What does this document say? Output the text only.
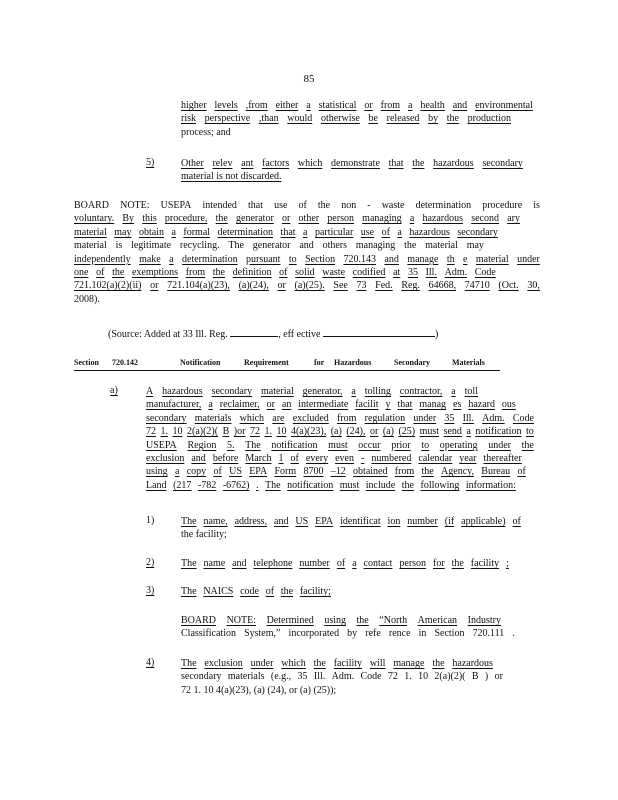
85
higher levels ,from either a statistical or from a health and environmental
risk perspective ,than would otherwise be released by the production
process; and
5)	Other relev ant factors which demonstrate that the hazardous secondary
material is not discarded.
BOARD NOTE: USEPA intended that use of the non - waste determination procedure is
voluntary. By this procedure, the generator or other person managing a hazardous second ary
material may obtain a formal determination that a particular use of a hazardous secondary
material is legitimate recycling. The generator and others managing the material may
independently make a determination pursuant to Section 720.143 and manage th e material under
one of the exemptions from the definition of solid waste codified at 35 Ill. Adm. Code
721.102(a)(2)(ii) or 721.104(a)(23), (a)(24), or (a)(25). See 73 Fed. Reg. 64668, 74710 (Oct. 30,
2008).
(Source: Added at 33 Ill. Reg.	, eff ective	)
Section 720.142	Notification	Requirement	for Hazardous	Secondary	Materials
a)	A hazardous secondary material generator, a tolling contractor, a toll
manufacturer, a reclaimer, or an intermediate facilit y that manag es hazard ous
secondary materials which are excluded from regulation under 35 Ill. Adm. Code
72 1. 10 2(a)(2)( B )or 72 1. 10 4(a)(23), (a) (24), or (a) (25) must send a notification to
USEPA Region 5. The notification must occur prior to operating under the
exclusion and before March 1 of every even - numbered calendar year thereafter
using a copy of US EPA Form 8700 –12 obtained from the Agency, Bureau of
Land (217 -782 -6762) . The notification must include the following information:
1)	The name, address, and US EPA identificat ion number (if applicable) of
the facility;
2)	The name and telephone number of a contact person for the facility ;
3)	The NAICS code of the facility;
BOARD NOTE: Determined using the “North American Industry
Classification System,” incorporated by refe rence in Section 720.111 .
4)	The exclusion under which the facility will manage the hazardous
secondary materials (e.g., 35 Ill. Adm. Code 72 1. 10 2(a)(2)( B ) or
72 1. 10 4(a)(23), (a) (24), or (a) (25));
